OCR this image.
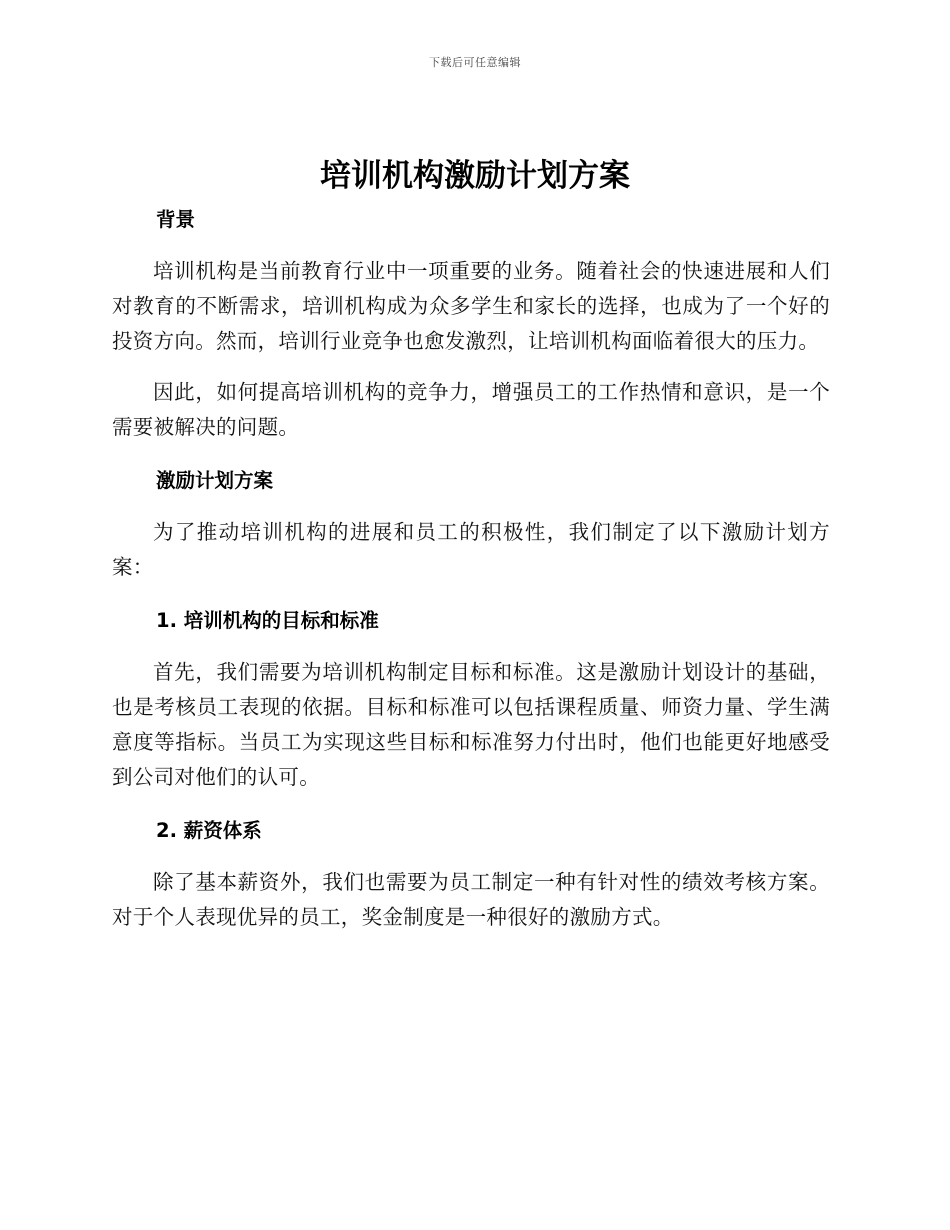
下载后可任意编辑
培训机构激励计划方案
背景

培训机构是当前教育行业中一项重要的业务。随着社会的快速进展和人们对教育的不断需求，培训机构成为众多学生和家长的选择，也成为了一个好的投资方向。然而，培训行业竞争也愈发激烈，让培训机构面临着很大的压力。

因此，如何提高培训机构的竞争力，增强员工的工作热情和意识，是一个需要被解决的问题。

激励计划方案

为了推动培训机构的进展和员工的积极性，我们制定了以下激励计划方案：

1. 培训机构的目标和标准

首先，我们需要为培训机构制定目标和标准。这是激励计划设计的基础，也是考核员工表现的依据。目标和标准可以包括课程质量、师资力量、学生满意度等指标。当员工为实现这些目标和标准努力付出时，他们也能更好地感受到公司对他们的认可。

2. 薪资体系

除了基本薪资外，我们也需要为员工制定一种有针对性的绩效考核方案。对于个人表现优异的员工，奖金制度是一种很好的激励方式。
